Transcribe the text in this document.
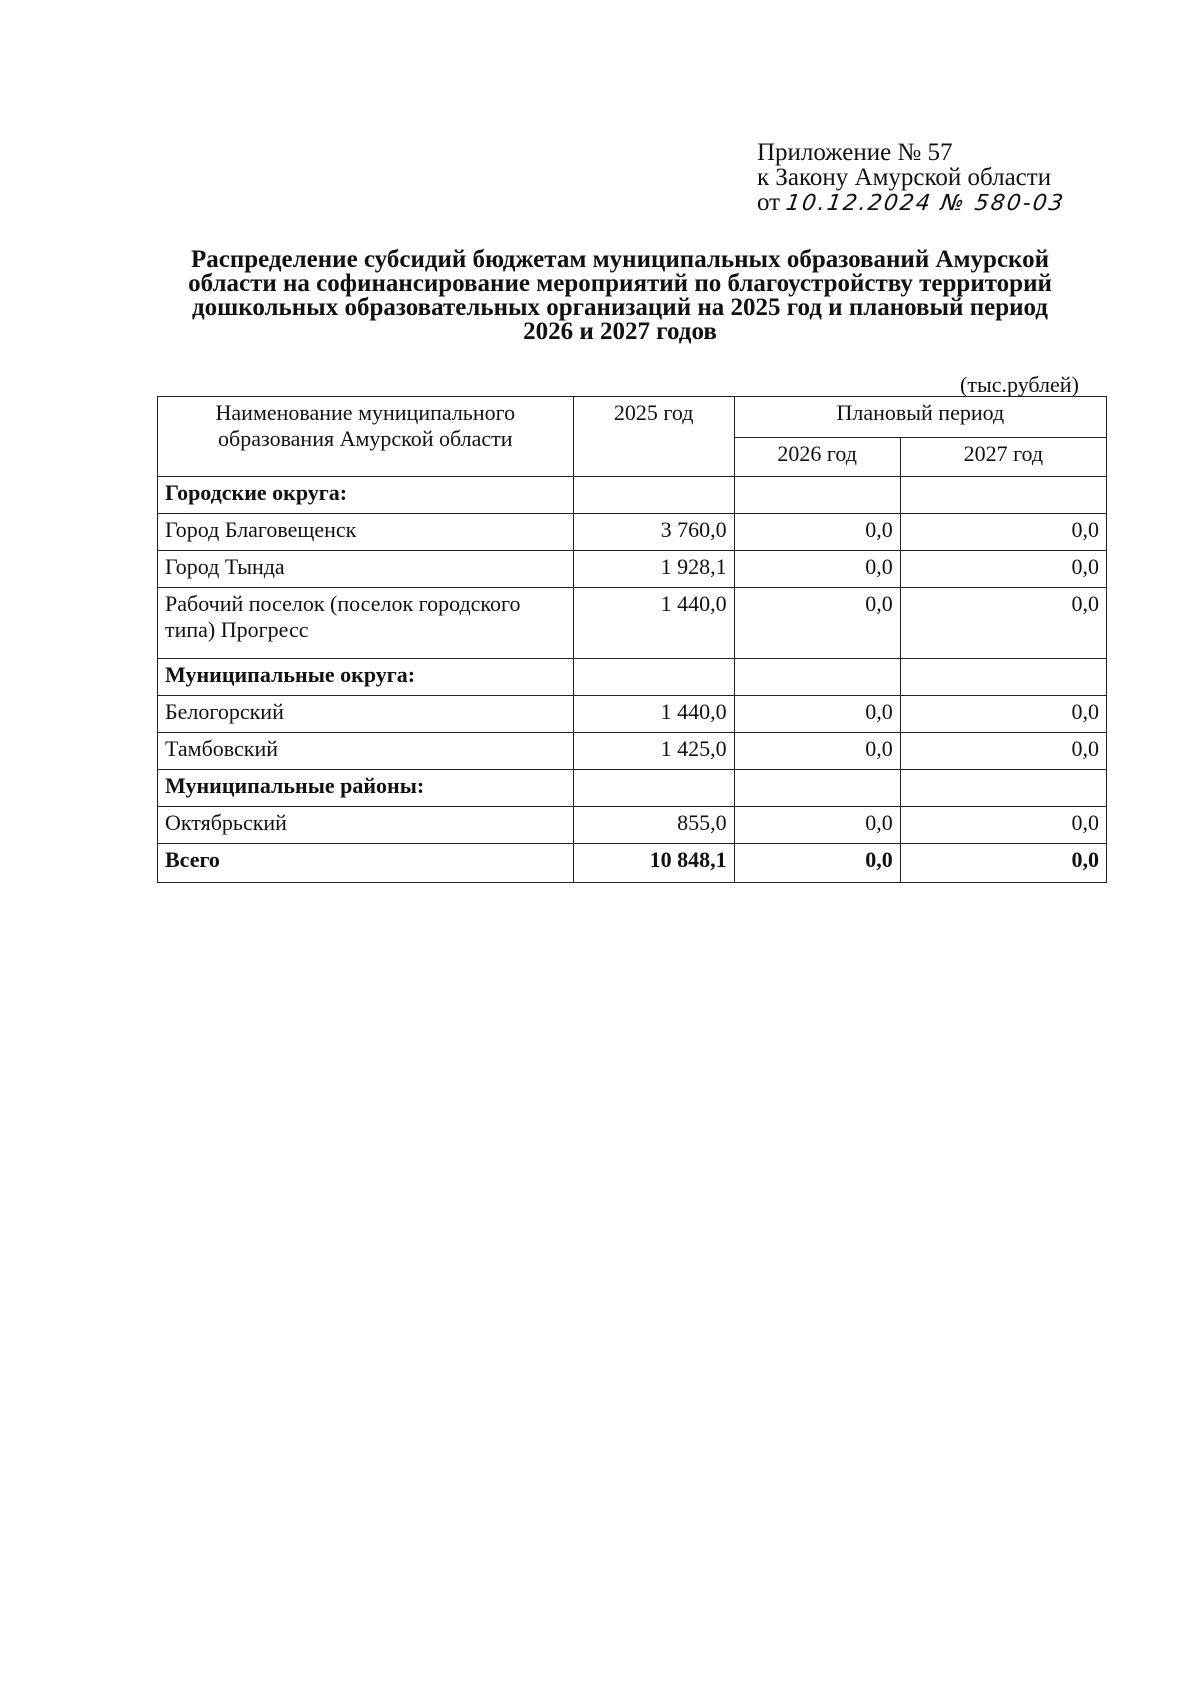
Приложение № 57
к Закону Амурской области
от 10.12.2024 № 580-03
Распределение субсидий бюджетам муниципальных образований Амурской области на софинансирование мероприятий по благоустройству территорий дошкольных образовательных организаций на 2025 год и плановый период 2026 и 2027 годов
(тыс.рублей)
Наименование муниципального образования Амурской области	2025 год	Плановый период	
		2026 год	2027 год
Городские округа:			
Город Благовещенск	3 760,0	0,0	0,0
Город Тында	1 928,1	0,0	0,0
Рабочий поселок (поселок городского типа) Прогресс	1 440,0	0,0	0,0
Муниципальные округа:			
Белогорский	1 440,0	0,0	0,0
Тамбовский	1 425,0	0,0	0,0
Муниципальные районы:			
Октябрьский	855,0	0,0	0,0
Всего	10 848,1	0,0	0,0
